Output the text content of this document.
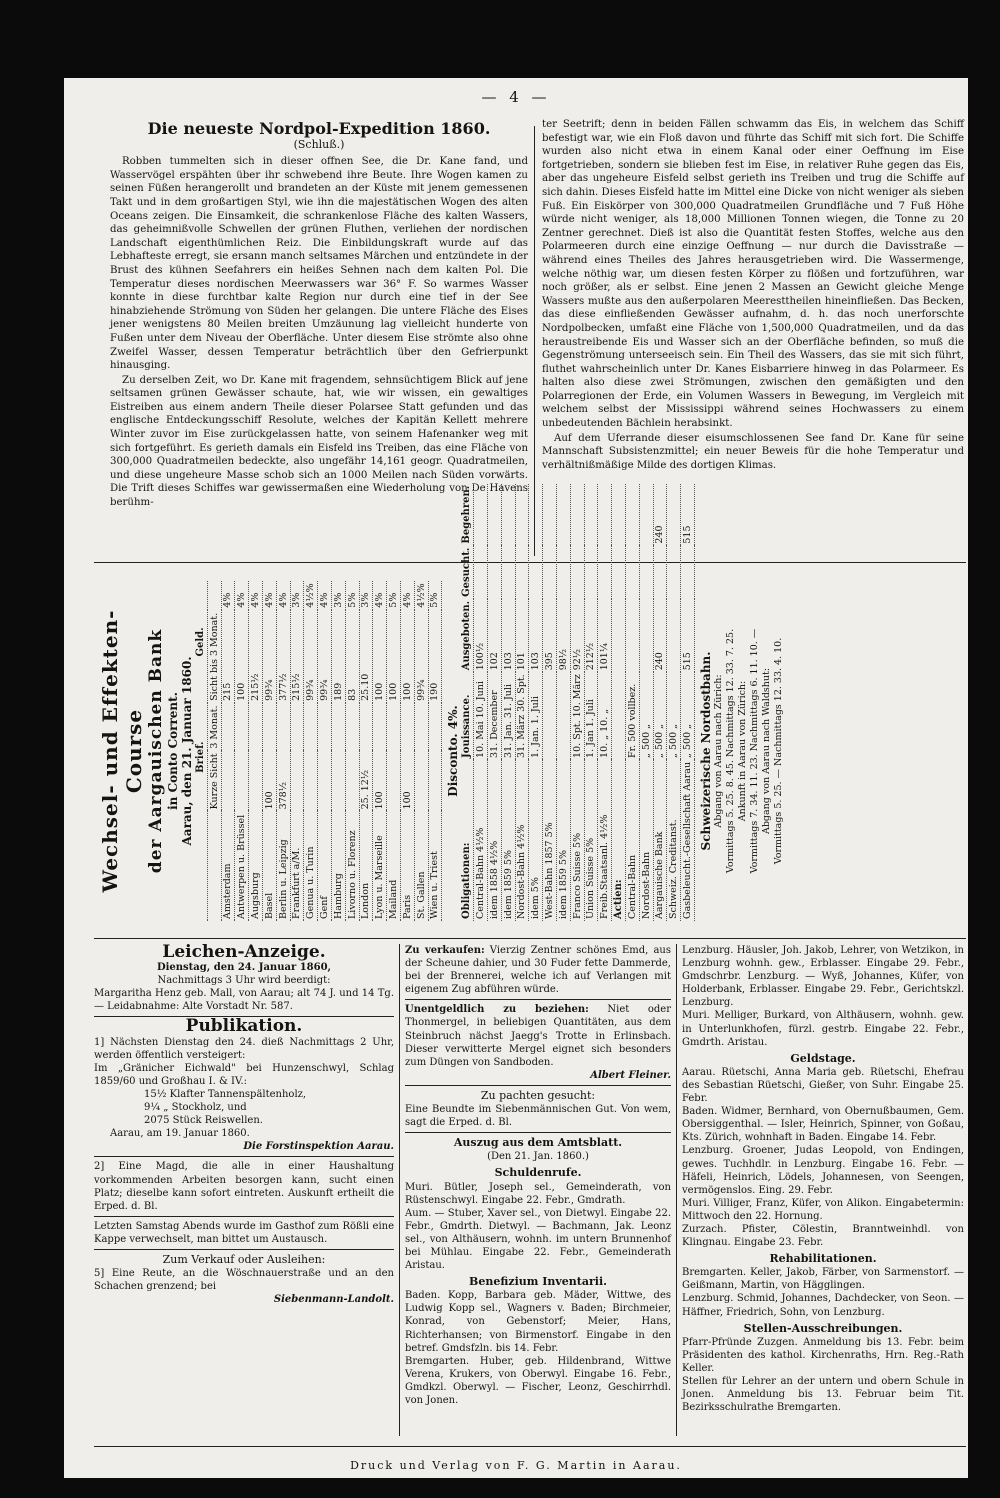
— 4 —
Die neueste Nordpol-Expedition 1860.
(Schluß.)

Robben tummelten sich in dieser offnen See, die Dr. Kane fand, und Wasservögel erspähten über ihr schwebend ihre Beute. Ihre Wogen kamen zu seinen Füßen herangerollt und brandeten an der Küste mit jenem gemessenen Takt und in dem großartigen Styl, wie ihn die majestätischen Wogen des alten Oceans zeigen. Die Einsamkeit, die schrankenlose Fläche des kalten Wassers, das geheimnißvolle Schwellen der grünen Fluthen, verliehen der nordischen Landschaft eigenthümlichen Reiz. Die Einbildungskraft wurde auf das Lebhafteste erregt, sie ersann manch seltsames Märchen und entzündete in der Brust des kühnen Seefahrers ein heißes Sehnen nach dem kalten Pol. Die Temperatur dieses nordischen Meerwassers war 36° F. So warmes Wasser konnte in diese furchtbar kalte Region nur durch eine tief in der See hinabziehende Strömung von Süden her gelangen. Die untere Fläche des Eises jener wenigstens 80 Meilen breiten Umzäunung lag vielleicht hunderte von Fußen unter dem Niveau der Oberfläche. Unter diesem Eise strömte also ohne Zweifel Wasser, dessen Temperatur beträchtlich über den Gefrierpunkt hinausging.

Zu derselben Zeit, wo Dr. Kane mit fragendem, sehnsüchtigem Blick auf jene seltsamen grünen Gewässer schaute, hat, wie wir wissen, ein gewaltiges Eistreiben aus einem andern Theile dieser Polarsee Statt gefunden und das englische Entdeckungsschiff Resolute, welches der Kapitän Kellett mehrere Winter zuvor im Eise zurückgelassen hatte, von seinem Hafenanker weg mit sich fortgeführt. Es gerieth damals ein Eisfeld ins Treiben, das eine Fläche von 300,000 Quadratmeilen bedeckte, also ungefähr 14,161 geogr. Quadratmeilen, und diese ungeheure Masse schob sich an 1000 Meilen nach Süden vorwärts. Die Trift dieses Schiffes war gewissermaßen eine Wiederholung von De Havens berühm-

ter Seetrift; denn in beiden Fällen schwamm das Eis, in welchem das Schiff befestigt war, wie ein Floß davon und führte das Schiff mit sich fort. Die Schiffe wurden also nicht etwa in einem Kanal oder einer Oeffnung im Eise fortgetrieben, sondern sie blieben fest im Eise, in relativer Ruhe gegen das Eis, aber das ungeheure Eisfeld selbst gerieth ins Treiben und trug die Schiffe auf sich dahin. Dieses Eisfeld hatte im Mittel eine Dicke von nicht weniger als sieben Fuß. Ein Eiskörper von 300,000 Quadratmeilen Grundfläche und 7 Fuß Höhe würde nicht weniger, als 18,000 Millionen Tonnen wiegen, die Tonne zu 20 Zentner gerechnet. Dieß ist also die Quantität festen Stoffes, welche aus den Polarmeeren durch eine einzige Oeffnung — nur durch die Davisstraße — während eines Theiles des Jahres herausgetrieben wird. Die Wassermenge, welche nöthig war, um diesen festen Körper zu flößen und fortzuführen, war noch größer, als er selbst. Eine jenen 2 Massen an Gewicht gleiche Menge Wassers mußte aus den außerpolaren Meeresttheilen hineinfließen. Das Becken, das diese einfließenden Gewässer aufnahm, d. h. das noch unerforschte Nordpolbecken, umfaßt eine Fläche von 1,500,000 Quadratmeilen, und da das heraustreibende Eis und Wasser sich an der Oberfläche befinden, so muß die Gegenströmung unterseeisch sein. Ein Theil des Wassers, das sie mit sich führt, fluthet wahrscheinlich unter Dr. Kanes Eisbarriere hinweg in das Polarmeer. Es halten also diese zwei Strömungen, zwischen den gemäßigten und den Polarregionen der Erde, ein Volumen Wassers in Bewegung, im Vergleich mit welchem selbst der Mississippi während seines Hochwassers zu einem unbedeutenden Bächlein herabsinkt.

Auf dem Uferrande dieser eisumschlossenen See fand Dr. Kane für seine Mannschaft Subsistenzmittel; ein neuer Beweis für die hohe Temperatur und verhältnißmäßige Milde des dortigen Klimas.

Wechsel- und Effekten-Course der Aargauischen Bank in Conto Corrent. Aarau, den 21. Januar 1860.
	Brief.		Geld.	
	Kurze Sicht	3 Monat.	Sicht bis 3 Monat.	
Amsterdam			215	4%
Antwerpen u. Brüssel			100	4%
Augsburg			215½	4%
Basel	100		99¾	4%
Berlin u. Leipzig	378½		377½	4%
Frankfurt a/M.			215½	3%
Genua u. Turin			99¾	4½%
Genf			99¾	4%
Hamburg			189	3%
Livorno u. Florenz			83	5%
London	25. 12½		25.10	3%
Lyon u. Marseille	100		100	4%
Mailand			100	5%
Paris	100		100	4%
St. Gallen			99¾	4½%
Wien u. Triest			190	5%
Disconto. 4%.
Obligationen:	Jouissance.	Ausgeboten.	Gesucht.	Begehren.
Central-Bahn 4½%	10. Mai 10. Juni	100½		
idem 1858 4½%	31. December	102		
idem 1859 5%	31. Jan. 31. Juli	103		
Nordost-Bahn 4½%	31. März 30. Spt.	101		
idem 5%	1. Jan. 1. Juli	103		
West-Bahn 1857 5%		395		
idem 1859 5%		98½		
Franco Suisse 5%	10. Spt. 10. März	92½		
Union Suisse 5%	1. Jan 1. Juli	212½		
Freib.Staatsanl. 4½%	10. „ 10. „	101¼		
Actien:				
Central-Bahn	Fr. 500 vollbez.			
Nordost-Bahn	„ 500 „			
Aargauische Bank	„ 500 „	240		240
Schweiz. Creditanst.	„ 500 „			
Gasbeleucht.-Gesellschaft Aarau	„ 500 „	515		515
Schweizerische Nordostbahn. Abgang von Aarau nach Zürich: Vormittags 5. 25. 8. 45. Nachmittags 12. 33. 7. 25. Ankunft in Aarau von Zürich: Vormittags 7. 34. 11. 23. Nachmittags 6. 11. 10. — Abgang von Aarau nach Waldshut: Vormittags 5. 25. — Nachmittags 12. 33. 4. 10.
Leichen-Anzeige.
Dienstag, den 24. Januar 1860,
Nachmittags 3 Uhr wird beerdigt:
Margaritha Henz geb. Mall, von Aarau; alt 74 J. und 14 Tg. — Leidabnahme: Alte Vorstadt Nr. 587.
Publikation.
1] Nächsten Dienstag den 24. dieß Nachmittags 2 Uhr, werden öffentlich versteigert:
Im „Gränicher Eichwald" bei Hunzenschwyl, Schlag 1859/60 und Großhau I. & IV.:
15½ Klafter Tannenspältenholz,
9¼ „ Stockholz, und
2075 Stück Reiswellen.
Aarau, am 19. Januar 1860.
Die Forstinspektion Aarau.
2] Eine Magd, die alle in einer Haushaltung vorkommenden Arbeiten besorgen kann, sucht einen Platz; dieselbe kann sofort eintreten. Auskunft ertheilt die Erped. d. Bl.
Letzten Samstag Abends wurde im Gasthof zum Rößli eine Kappe verwechselt, man bittet um Austausch.
Zum Verkauf oder Ausleihen:
5] Eine Reute, an die Wöschnauerstraße und an den Schachen grenzend; bei
Siebenmann-Landolt.
Zu verkaufen: Vierzig Zentner schönes Emd, aus der Scheune dahier, und 30 Fuder fette Dammerde, bei der Brennerei, welche ich auf Verlangen mit eigenem Zug abführen würde.
Unentgeldlich zu beziehen: Niet oder Thonmergel, in beliebigen Quantitäten, aus dem Steinbruch nächst Jaegg's Trotte in Erlinsbach. Dieser verwitterte Mergel eignet sich besonders zum Düngen von Sandboden.
Albert Fleiner.
Zu pachten gesucht:
Eine Beundte im Siebenmännischen Gut. Von wem, sagt die Erped. d. Bl.
Auszug aus dem Amtsblatt.
(Den 21. Jan. 1860.)
Schuldenrufe.
Muri. Bütler, Joseph sel., Gemeinderath, von Rüstenschwyl. Eingabe 22. Febr., Gmdrath.
Aum. — Stuber, Xaver sel., von Dietwyl. Eingabe 22. Febr., Gmdrth. Dietwyl. — Bachmann, Jak. Leonz sel., von Althäusern, wohnh. im untern Brunnenhof bei Mühlau. Eingabe 22. Febr., Gemeinderath Aristau.
Benefizium Inventarii.
Baden. Kopp, Barbara geb. Mäder, Wittwe, des Ludwig Kopp sel., Wagners v. Baden; Birchmeier, Konrad, von Gebenstorf; Meier, Hans, Richterhansen; von Birmenstorf. Eingabe in den betref. Gmdsfzln. bis 14. Febr.
Bremgarten. Huber, geb. Hildenbrand, Wittwe Verena, Krukers, von Oberwyl. Eingabe 16. Febr., Gmdkzl. Oberwyl. — Fischer, Leonz, Geschirrhdl. von Jonen.
Lenzburg. Häusler, Joh. Jakob, Lehrer, von Wetzikon, in Lenzburg wohnh. gew., Erblasser. Eingabe 29. Febr., Gmdschrbr. Lenzburg. — Wyß, Johannes, Küfer, von Holderbank, Erblasser. Eingabe 29. Febr., Gerichtskzl. Lenzburg.
Muri. Melliger, Burkard, von Althäusern, wohnh. gew. in Unterlunkhofen, fürzl. gestrb. Eingabe 22. Febr., Gmdrth. Aristau.
Geldstage.
Aarau. Rüetschi, Anna Maria geb. Rüetschi, Ehefrau des Sebastian Rüetschi, Gießer, von Suhr. Eingabe 25. Febr.
Baden. Widmer, Bernhard, von Obernußbaumen, Gem. Obersiggenthal. — Isler, Heinrich, Spinner, von Goßau, Kts. Zürich, wohnhaft in Baden. Eingabe 14. Febr.
Lenzburg. Groener, Judas Leopold, von Endingen, gewes. Tuchhdlr. in Lenzburg. Eingabe 16. Febr. — Häfeli, Heinrich, Lödels, Johannesen, von Seengen, vermögenslos. Eing. 29. Febr.
Muri. Villiger, Franz, Küfer, von Alikon. Eingabetermin: Mittwoch den 22. Hornung.
Zurzach. Pfister, Cölestin, Branntweinhdl. von Klingnau. Eingabe 23. Febr.
Rehabilitationen.
Bremgarten. Keller, Jakob, Färber, von Sarmenstorf. — Geißmann, Martin, von Hägglingen.
Lenzburg. Schmid, Johannes, Dachdecker, von Seon. — Häffner, Friedrich, Sohn, von Lenzburg.
Stellen-Ausschreibungen.
Pfarr-Pfründe Zuzgen. Anmeldung bis 13. Febr. beim Präsidenten des kathol. Kirchenraths, Hrn. Reg.-Rath Keller.
Stellen für Lehrer an der untern und obern Schule in Jonen. Anmeldung bis 13. Februar beim Tit. Bezirksschulrathe Bremgarten.
Druck und Verlag von F. G. Martin in Aarau.
